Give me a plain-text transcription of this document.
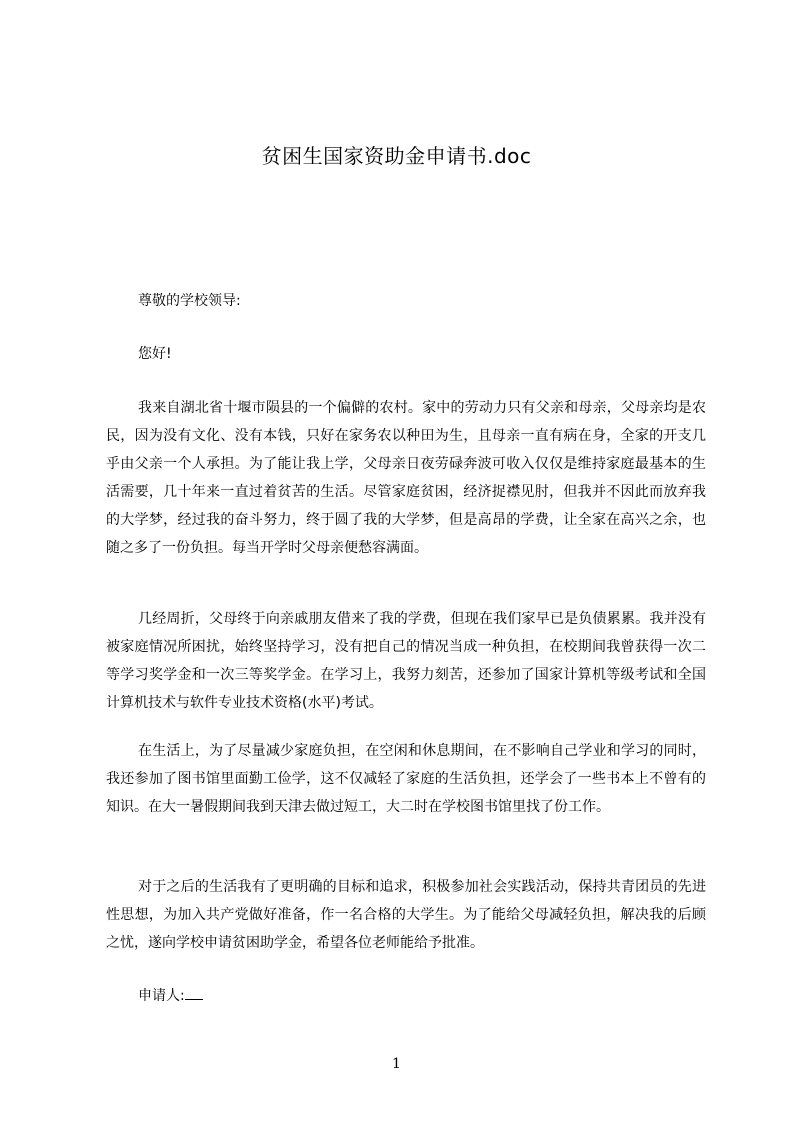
贫困生国家资助金申请书.doc
尊敬的学校领导:
您好!
我来自湖北省十堰市陨县的一个偏僻的农村。家中的劳动力只有父亲和母亲，父母亲均是农民，因为没有文化、没有本钱，只好在家务农以种田为生，且母亲一直有病在身，全家的开支几乎由父亲一个人承担。为了能让我上学，父母亲日夜劳碌奔波可收入仅仅是维持家庭最基本的生活需要，几十年来一直过着贫苦的生活。尽管家庭贫困，经济捉襟见肘，但我并不因此而放弃我的大学梦，经过我的奋斗努力，终于圆了我的大学梦，但是高昂的学费，让全家在高兴之余，也随之多了一份负担。每当开学时父母亲便愁容满面。
几经周折，父母终于向亲戚朋友借来了我的学费，但现在我们家早已是负债累累。我并没有被家庭情况所困扰，始终坚持学习，没有把自己的情况当成一种负担，在校期间我曾获得一次二等学习奖学金和一次三等奖学金。在学习上，我努力刻苦，还参加了国家计算机等级考试和全国计算机技术与软件专业技术资格(水平)考试。
在生活上，为了尽量减少家庭负担，在空闲和休息期间，在不影响自己学业和学习的同时，我还参加了图书馆里面勤工俭学，这不仅减轻了家庭的生活负担，还学会了一些书本上不曾有的知识。在大一暑假期间我到天津去做过短工，大二时在学校图书馆里找了份工作。
对于之后的生活我有了更明确的目标和追求，积极参加社会实践活动，保持共青团员的先进性思想，为加入共产党做好准备，作一名合格的大学生。为了能给父母减轻负担，解决我的后顾之忧，遂向学校申请贫困助学金，希望各位老师能给予批准。
申请人:
1
